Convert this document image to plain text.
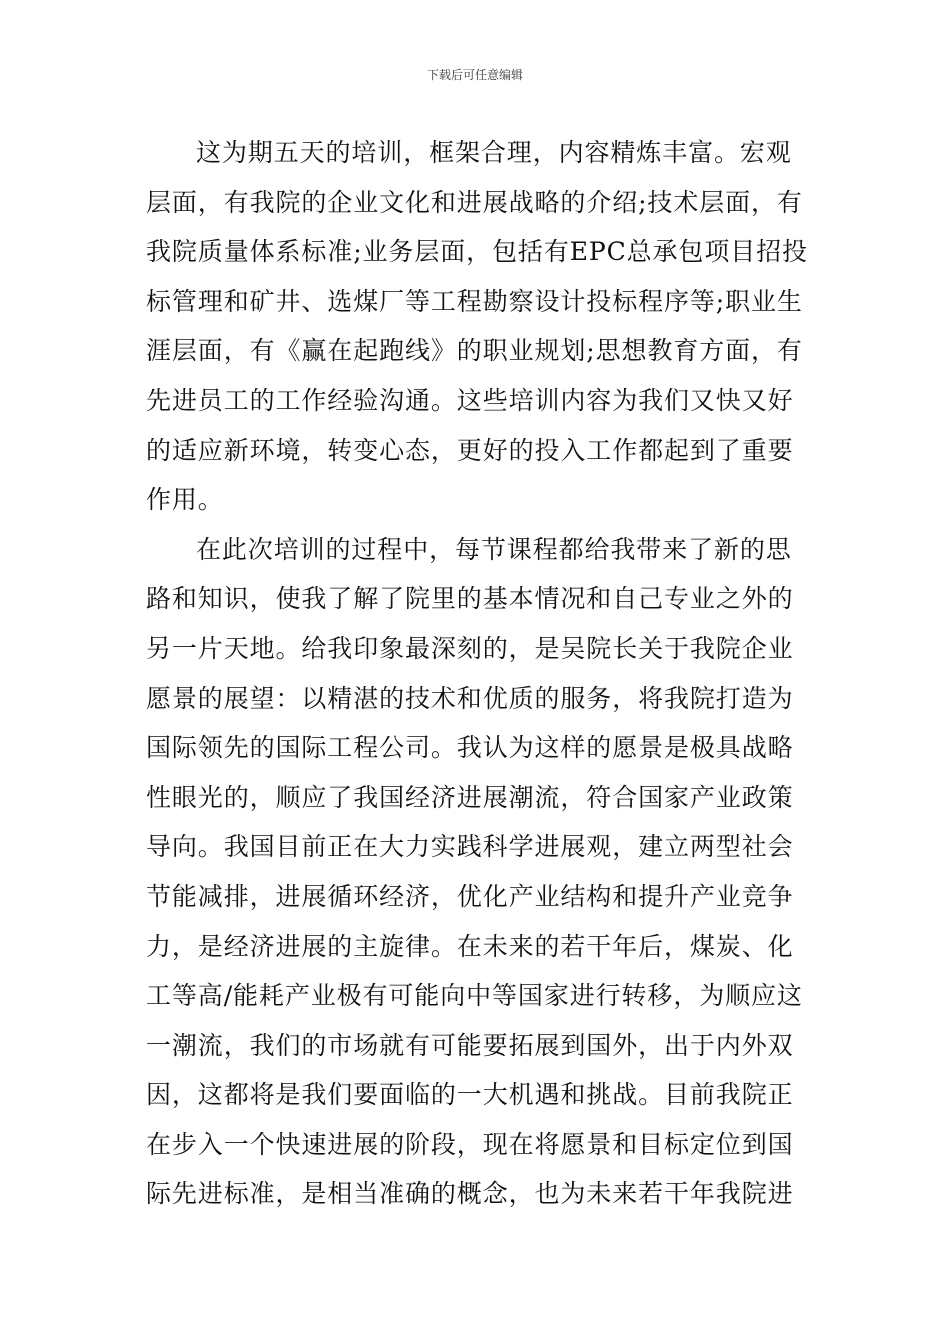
下载后可任意编辑
这为期五天的培训，框架合理，内容精炼丰富。宏观
层面，有我院的企业文化和进展战略的介绍;技术层面，有
我院质量体系标准;业务层面，包括有EPC总承包项目招投
标管理和矿井、选煤厂等工程勘察设计投标程序等;职业生
涯层面，有《赢在起跑线》的职业规划;思想教育方面，有
先进员工的工作经验沟通。这些培训内容为我们又快又好
的适应新环境，转变心态，更好的投入工作都起到了重要
作用。
在此次培训的过程中，每节课程都给我带来了新的思
路和知识，使我了解了院里的基本情况和自己专业之外的
另一片天地。给我印象最深刻的，是吴院长关于我院企业
愿景的展望：以精湛的技术和优质的服务，将我院打造为
国际领先的国际工程公司。我认为这样的愿景是极具战略
性眼光的，顺应了我国经济进展潮流，符合国家产业政策
导向。我国目前正在大力实践科学进展观，建立两型社会
节能减排，进展循环经济，优化产业结构和提升产业竞争
力，是经济进展的主旋律。在未来的若干年后，煤炭、化
工等高/能耗产业极有可能向中等国家进行转移，为顺应这
一潮流，我们的市场就有可能要拓展到国外，出于内外双
因，这都将是我们要面临的一大机遇和挑战。目前我院正
在步入一个快速进展的阶段，现在将愿景和目标定位到国
际先进标准，是相当准确的概念，也为未来若干年我院进
